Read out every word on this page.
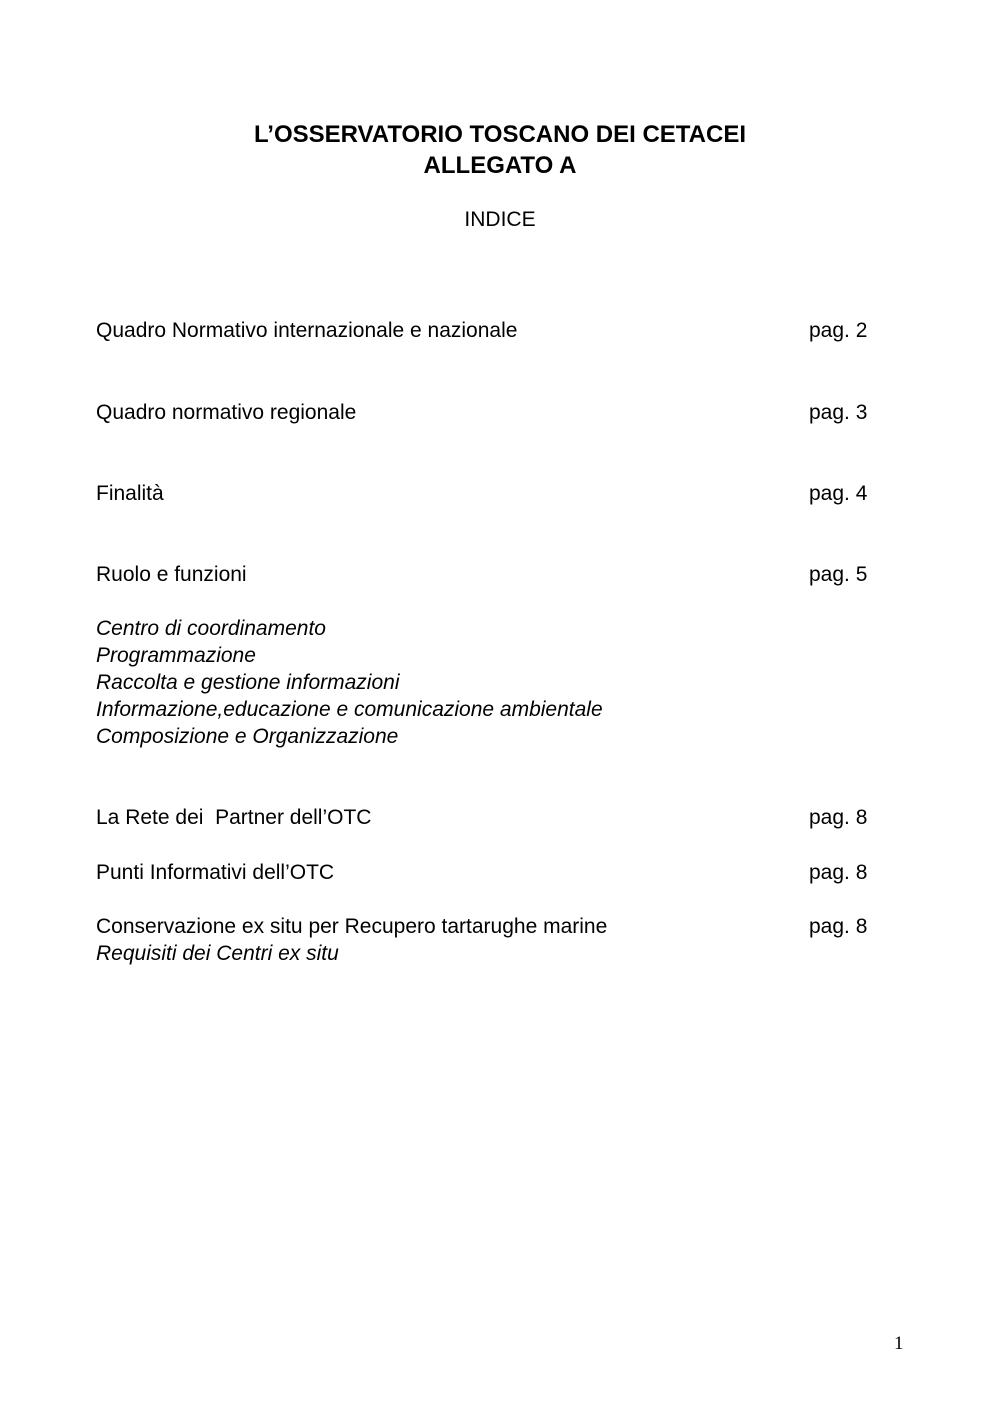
L’OSSERVATORIO TOSCANO DEI CETACEI
ALLEGATO A
INDICE
Quadro Normativo internazionale e nazionale	pag. 2
Quadro normativo regionale	pag. 3
Finalità	pag. 4
Ruolo e funzioni	pag. 5
Centro di coordinamento
Programmazione
Raccolta e gestione informazioni
Informazione,educazione e comunicazione ambientale
Composizione e Organizzazione
La Rete dei  Partner dell’OTC	pag. 8
Punti Informativi dell’OTC	pag. 8
Conservazione ex situ per Recupero tartarughe marine	pag. 8
Requisiti dei Centri ex situ
1
